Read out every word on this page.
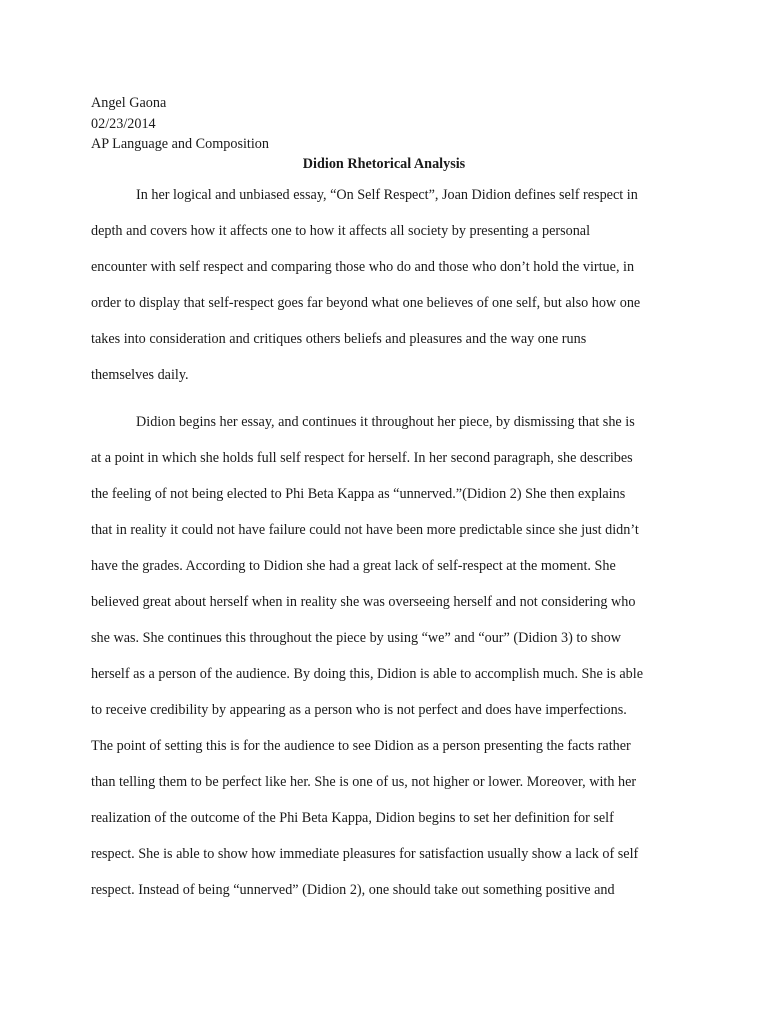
Angel Gaona
02/23/2014
AP Language and Composition
Didion Rhetorical Analysis
In her logical and unbiased essay, “On Self Respect”, Joan Didion defines self respect in
depth and covers how it affects one to how it affects all society by presenting a personal
encounter with self respect and comparing those who do and those who don’t hold the virtue, in
order to display that self-respect goes far beyond what one believes of one self, but also how one
takes into consideration and critiques others beliefs and pleasures and the way one runs
themselves daily.
Didion begins her essay, and continues it throughout her piece, by dismissing that she is
at a point in which she holds full self respect for herself. In her second paragraph, she describes
the feeling of not being elected to Phi Beta Kappa as “unnerved.”(Didion 2) She then explains
that in reality it could not have failure could not have been more predictable since she just didn’t
have the grades. According to Didion she had a great lack of self-respect at the moment. She
believed great about herself when in reality she was overseeing herself and not considering who
she was. She continues this throughout the piece by using “we” and “our” (Didion 3) to show
herself as a person of the audience. By doing this, Didion is able to accomplish much. She is able
to receive credibility by appearing as a person who is not perfect and does have imperfections.
The point of setting this is for the audience to see Didion as a person presenting the facts rather
than telling them to be perfect like her. She is one of us, not higher or lower. Moreover, with her
realization of the outcome of the Phi Beta Kappa, Didion begins to set her definition for self
respect. She is able to show how immediate pleasures for satisfaction usually show a lack of self
respect. Instead of being “unnerved” (Didion 2), one should take out something positive and
